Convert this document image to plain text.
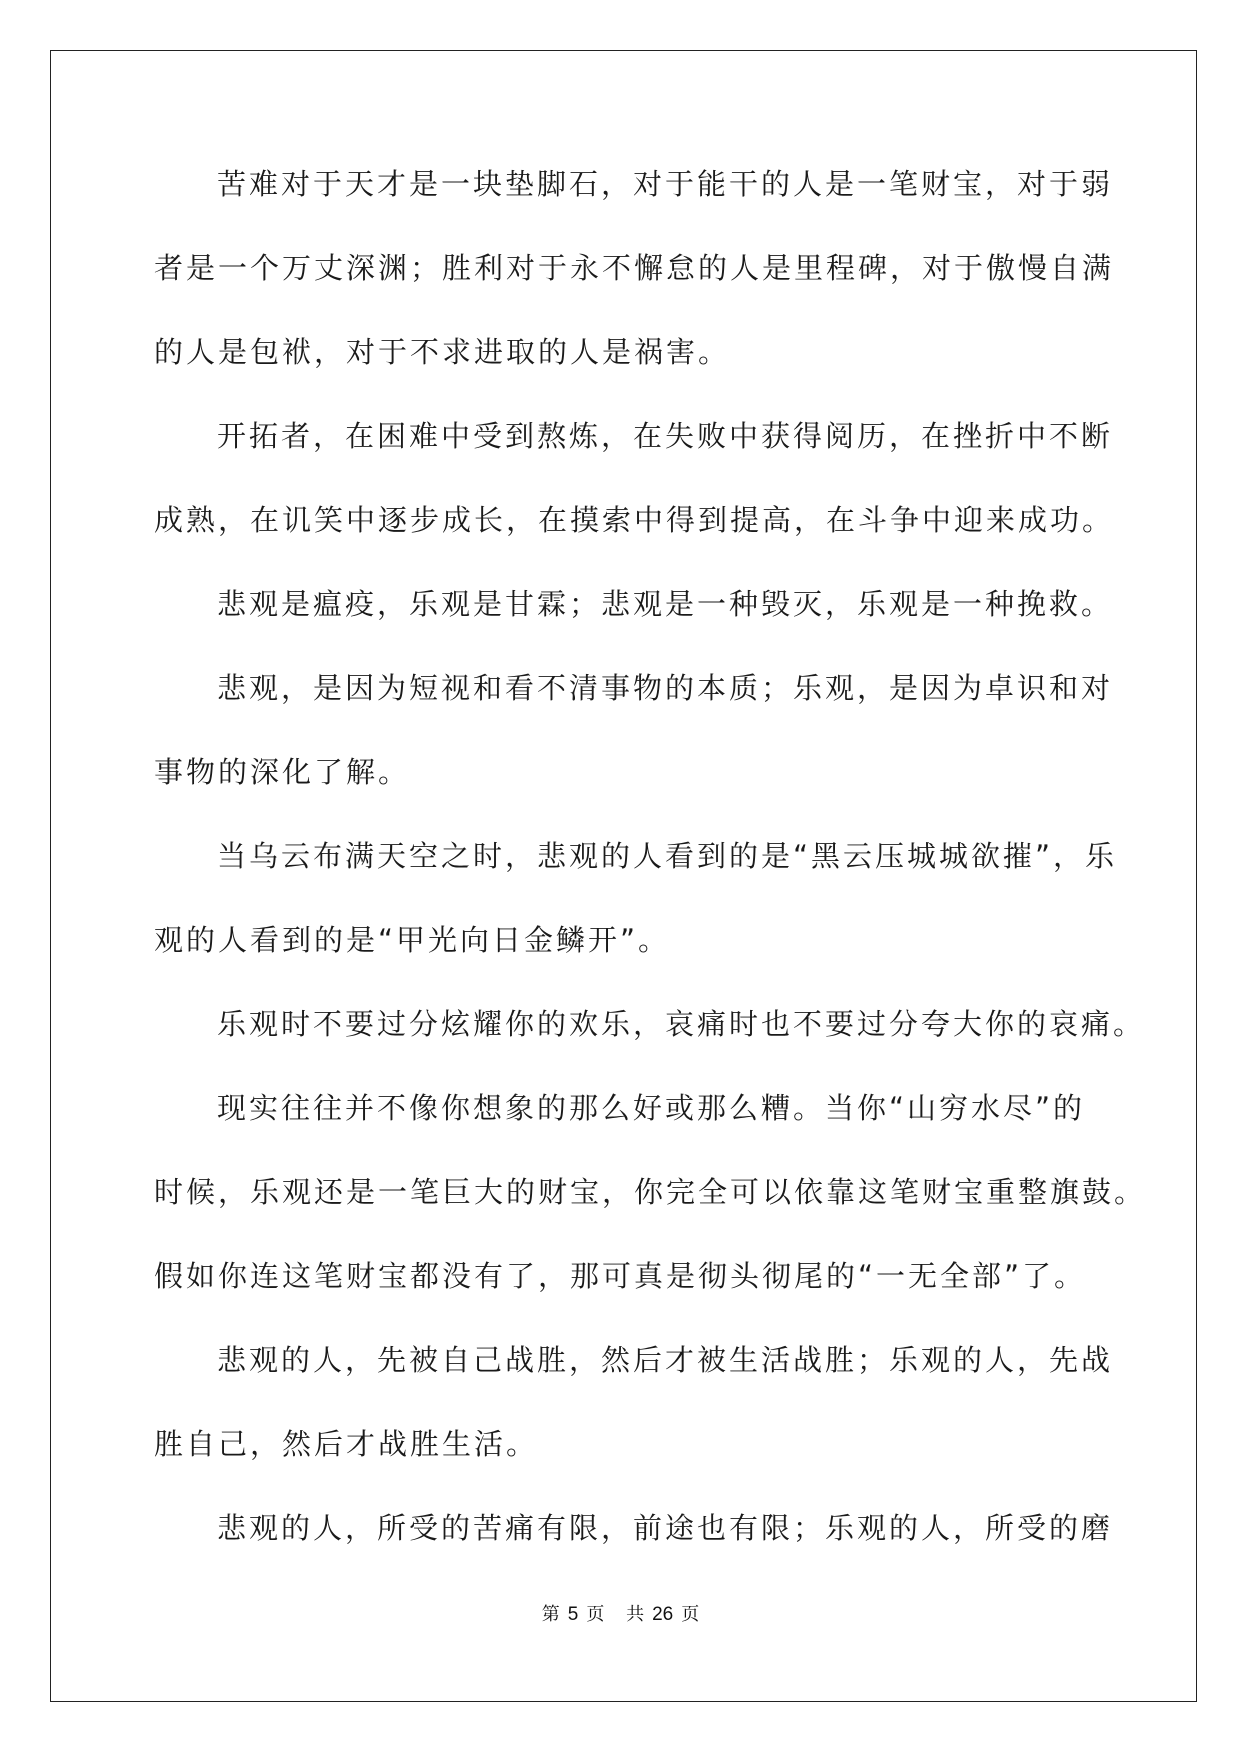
苦难对于天才是一块垫脚石，对于能干的人是一笔财宝，对于弱
者是一个万丈深渊；胜利对于永不懈怠的人是里程碑，对于傲慢自满
的人是包袱，对于不求进取的人是祸害。
开拓者，在困难中受到熬炼，在失败中获得阅历，在挫折中不断
成熟，在讥笑中逐步成长，在摸索中得到提高，在斗争中迎来成功。
悲观是瘟疫，乐观是甘霖；悲观是一种毁灭，乐观是一种挽救。
悲观，是因为短视和看不清事物的本质；乐观，是因为卓识和对
事物的深化了解。
当乌云布满天空之时，悲观的人看到的是“黑云压城城欲摧”，乐
观的人看到的是“甲光向日金鳞开”。
乐观时不要过分炫耀你的欢乐，哀痛时也不要过分夸大你的哀痛。
现实往往并不像你想象的那么好或那么糟。当你“山穷水尽”的
时候，乐观还是一笔巨大的财宝，你完全可以依靠这笔财宝重整旗鼓。
假如你连这笔财宝都没有了，那可真是彻头彻尾的“一无全部”了。
悲观的人，先被自己战胜，然后才被生活战胜；乐观的人，先战
胜自己，然后才战胜生活。
悲观的人，所受的苦痛有限，前途也有限；乐观的人，所受的磨
第 5 页 共 26 页
